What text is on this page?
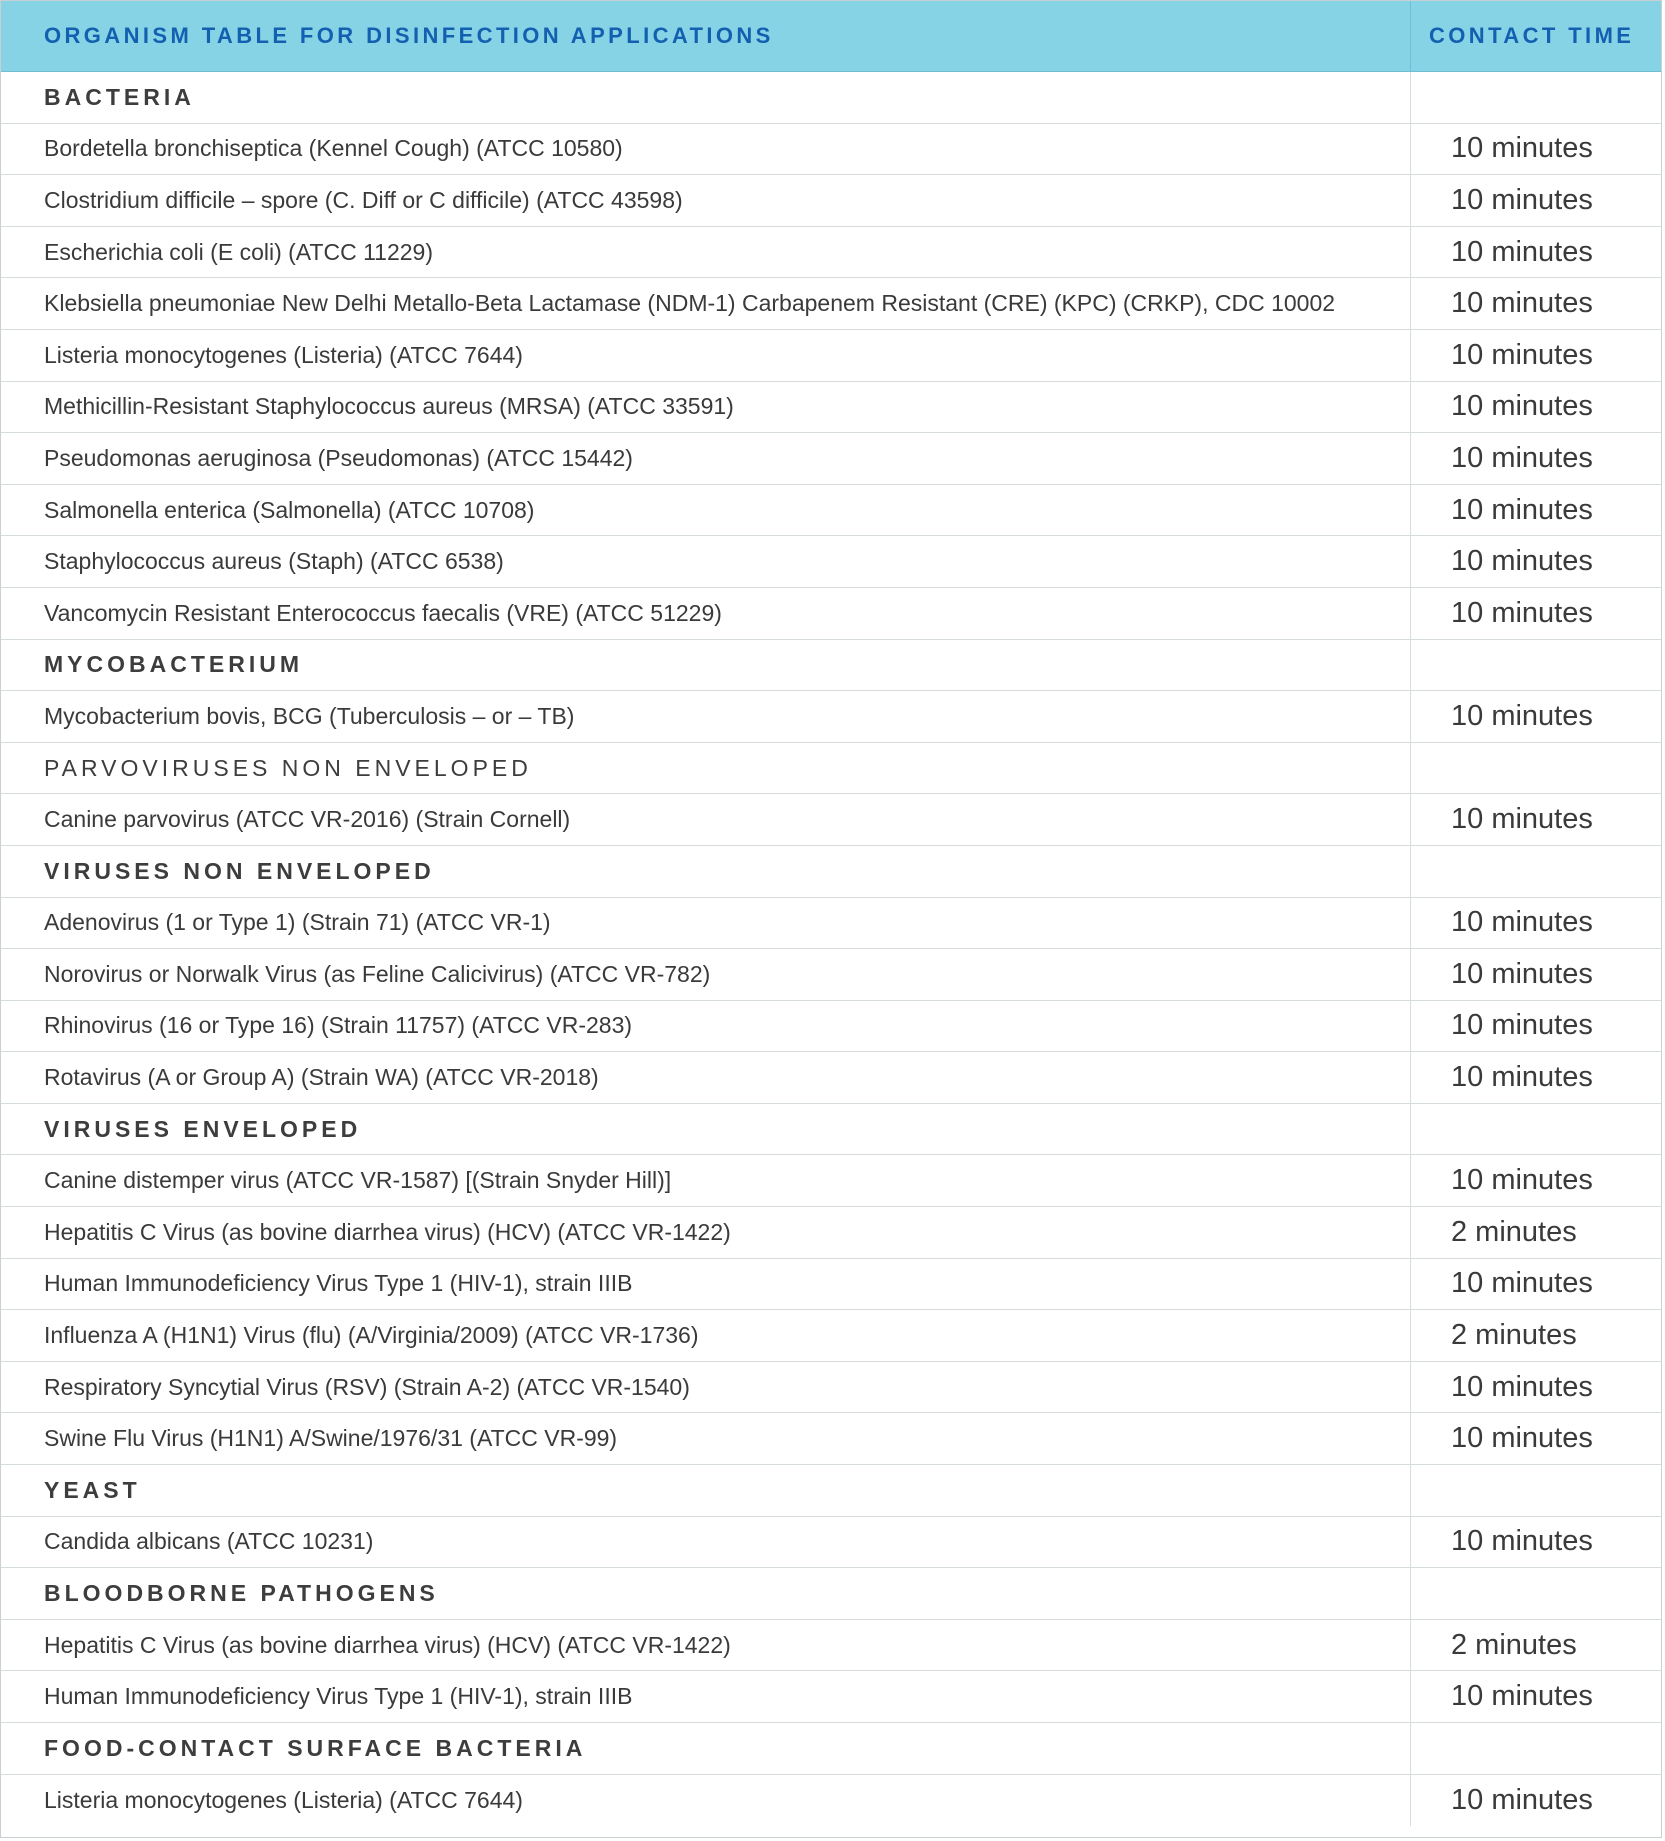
ORGANISM TABLE FOR DISINFECTION APPLICATIONS	CONTACT TIME
BACTERIA
Bordetella bronchiseptica (Kennel Cough) (ATCC 10580)	10 minutes
Clostridium difficile – spore (C. Diff or C difficile) (ATCC 43598)	10 minutes
Escherichia coli (E coli) (ATCC 11229)	10 minutes
Klebsiella pneumoniae New Delhi Metallo-Beta Lactamase (NDM-1) Carbapenem Resistant (CRE) (KPC) (CRKP), CDC 10002	10 minutes
Listeria monocytogenes (Listeria) (ATCC 7644)	10 minutes
Methicillin-Resistant Staphylococcus aureus (MRSA) (ATCC 33591)	10 minutes
Pseudomonas aeruginosa (Pseudomonas) (ATCC 15442)	10 minutes
Salmonella enterica (Salmonella) (ATCC 10708)	10 minutes
Staphylococcus aureus (Staph) (ATCC 6538)	10 minutes
Vancomycin Resistant Enterococcus faecalis (VRE) (ATCC 51229)	10 minutes
MYCOBACTERIUM
Mycobacterium bovis, BCG (Tuberculosis – or – TB)	10 minutes
PARVOVIRUSES NON ENVELOPED
Canine parvovirus (ATCC VR-2016) (Strain Cornell)	10 minutes
VIRUSES NON ENVELOPED
Adenovirus (1 or Type 1) (Strain 71) (ATCC VR-1)	10 minutes
Norovirus or Norwalk Virus (as Feline Calicivirus) (ATCC VR-782)	10 minutes
Rhinovirus (16 or Type 16) (Strain 11757) (ATCC VR-283)	10 minutes
Rotavirus (A or Group A) (Strain WA) (ATCC VR-2018)	10 minutes
VIRUSES ENVELOPED
Canine distemper virus (ATCC VR-1587) [(Strain Snyder Hill)]	10 minutes
Hepatitis C Virus (as bovine diarrhea virus) (HCV) (ATCC VR-1422)	2 minutes
Human Immunodeficiency Virus Type 1 (HIV-1), strain IIIB	10 minutes
Influenza A (H1N1) Virus (flu) (A/Virginia/2009) (ATCC VR-1736)	2 minutes
Respiratory Syncytial Virus (RSV) (Strain A-2) (ATCC VR-1540)	10 minutes
Swine Flu Virus (H1N1) A/Swine/1976/31 (ATCC VR-99)	10 minutes
YEAST
Candida albicans (ATCC 10231)	10 minutes
BLOODBORNE PATHOGENS
Hepatitis C Virus (as bovine diarrhea virus) (HCV) (ATCC VR-1422)	2 minutes
Human Immunodeficiency Virus Type 1 (HIV-1), strain IIIB	10 minutes
FOOD-CONTACT SURFACE BACTERIA
Listeria monocytogenes (Listeria) (ATCC 7644)	10 minutes
